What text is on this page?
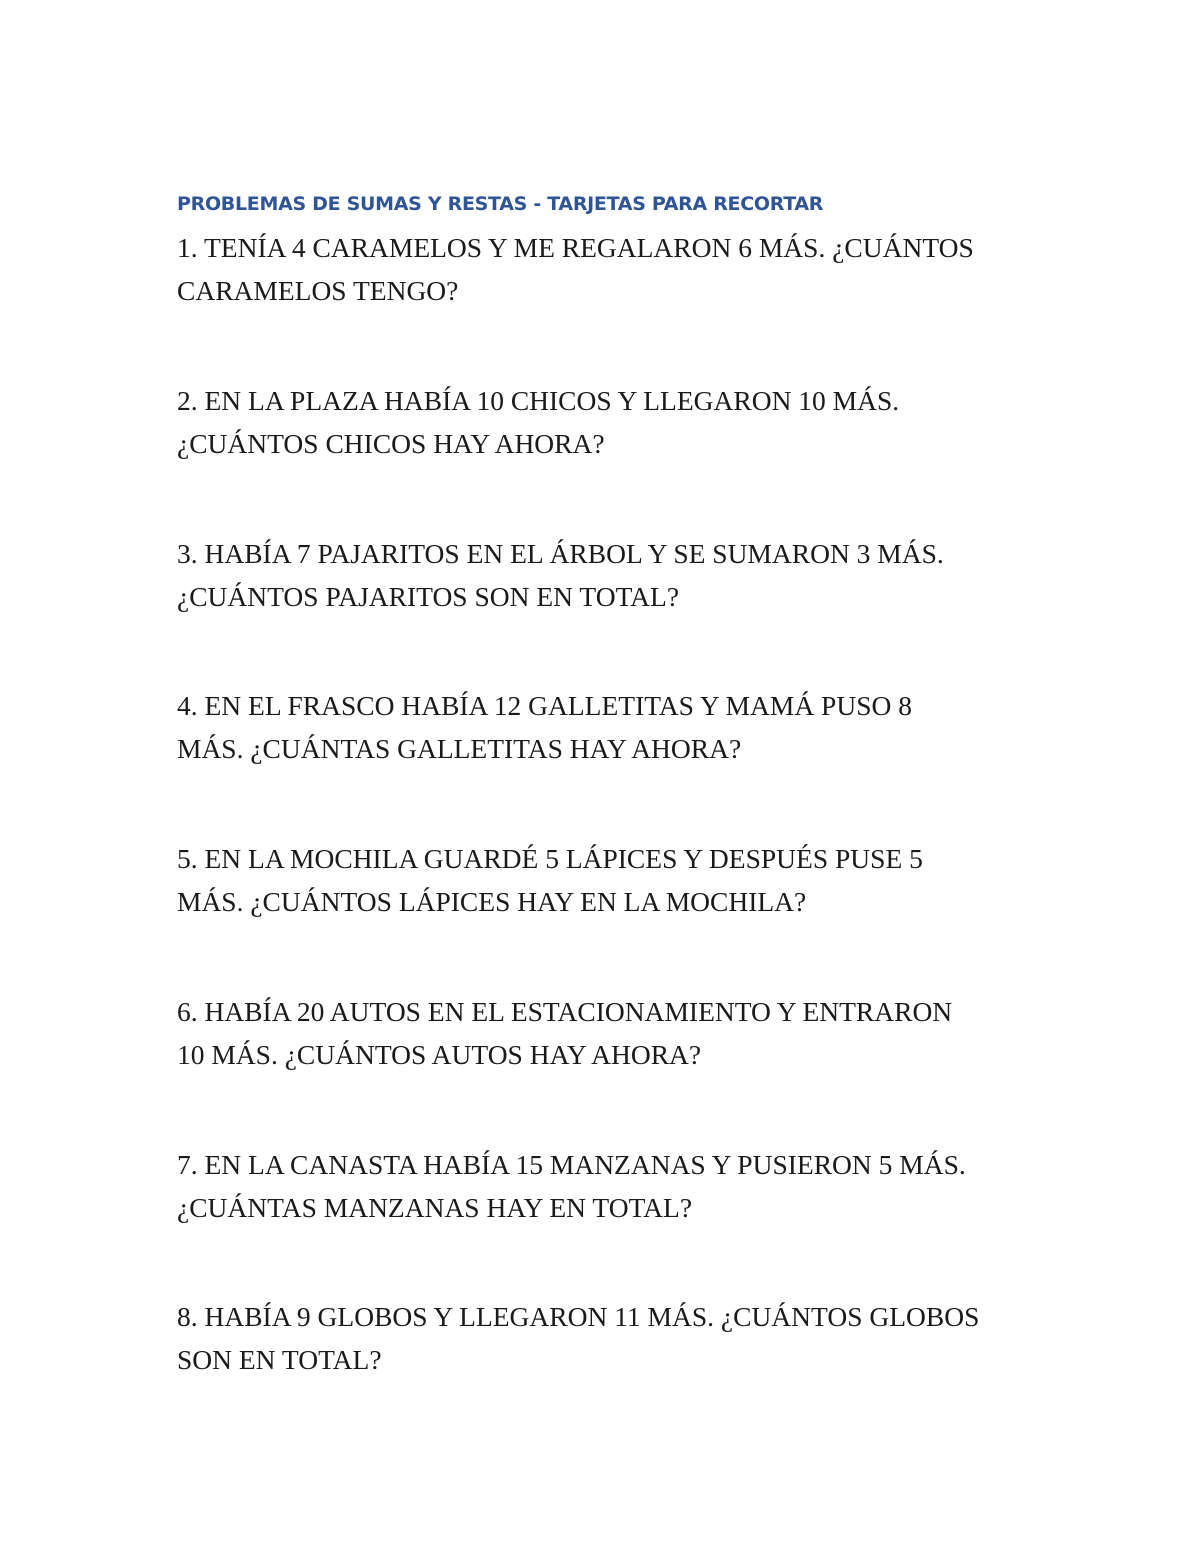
PROBLEMAS DE SUMAS Y RESTAS - TARJETAS PARA RECORTAR

1. TENÍA 4 CARAMELOS Y ME REGALARON 6 MÁS. ¿CUÁNTOS
CARAMELOS TENGO?

2. EN LA PLAZA HABÍA 10 CHICOS Y LLEGARON 10 MÁS.
¿CUÁNTOS CHICOS HAY AHORA?

3. HABÍA 7 PAJARITOS EN EL ÁRBOL Y SE SUMARON 3 MÁS.
¿CUÁNTOS PAJARITOS SON EN TOTAL?

4. EN EL FRASCO HABÍA 12 GALLETITAS Y MAMÁ PUSO 8
MÁS. ¿CUÁNTAS GALLETITAS HAY AHORA?

5. EN LA MOCHILA GUARDÉ 5 LÁPICES Y DESPUÉS PUSE 5
MÁS. ¿CUÁNTOS LÁPICES HAY EN LA MOCHILA?

6. HABÍA 20 AUTOS EN EL ESTACIONAMIENTO Y ENTRARON
10 MÁS. ¿CUÁNTOS AUTOS HAY AHORA?

7. EN LA CANASTA HABÍA 15 MANZANAS Y PUSIERON 5 MÁS.
¿CUÁNTAS MANZANAS HAY EN TOTAL?

8. HABÍA 9 GLOBOS Y LLEGARON 11 MÁS. ¿CUÁNTOS GLOBOS
SON EN TOTAL?
